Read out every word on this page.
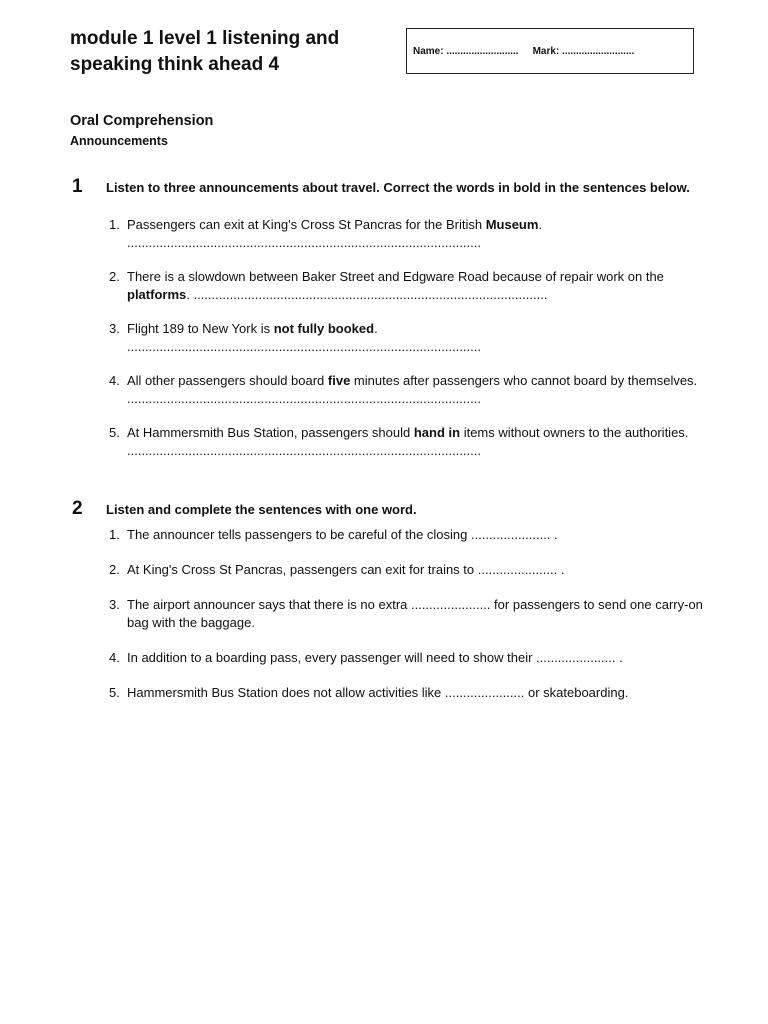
module 1 level 1 listening and speaking think ahead 4
Name: .......................... Mark: ..........................
Oral Comprehension
Announcements
1 Listen to three announcements about travel. Correct the words in bold in the sentences below.

1. Passengers can exit at King's Cross St Pancras for the British Museum.
..................................................................................................
2. There is a slowdown between Baker Street and Edgware Road because of repair work on the platforms. ..................................................................................................
3. Flight 189 to New York is not fully booked.
..................................................................................................
4. All other passengers should board five minutes after passengers who cannot board by themselves. ..................................................................................................
5. At Hammersmith Bus Station, passengers should hand in items without owners to the authorities. ..................................................................................................
2 Listen and complete the sentences with one word.

1. The announcer tells passengers to be careful of the closing ...................... .
2. At King's Cross St Pancras, passengers can exit for trains to ...................... .
3. The airport announcer says that there is no extra ...................... for passengers to send one carry-on bag with the baggage.
4. In addition to a boarding pass, every passenger will need to show their ...................... .
5. Hammersmith Bus Station does not allow activities like ...................... or skateboarding.
